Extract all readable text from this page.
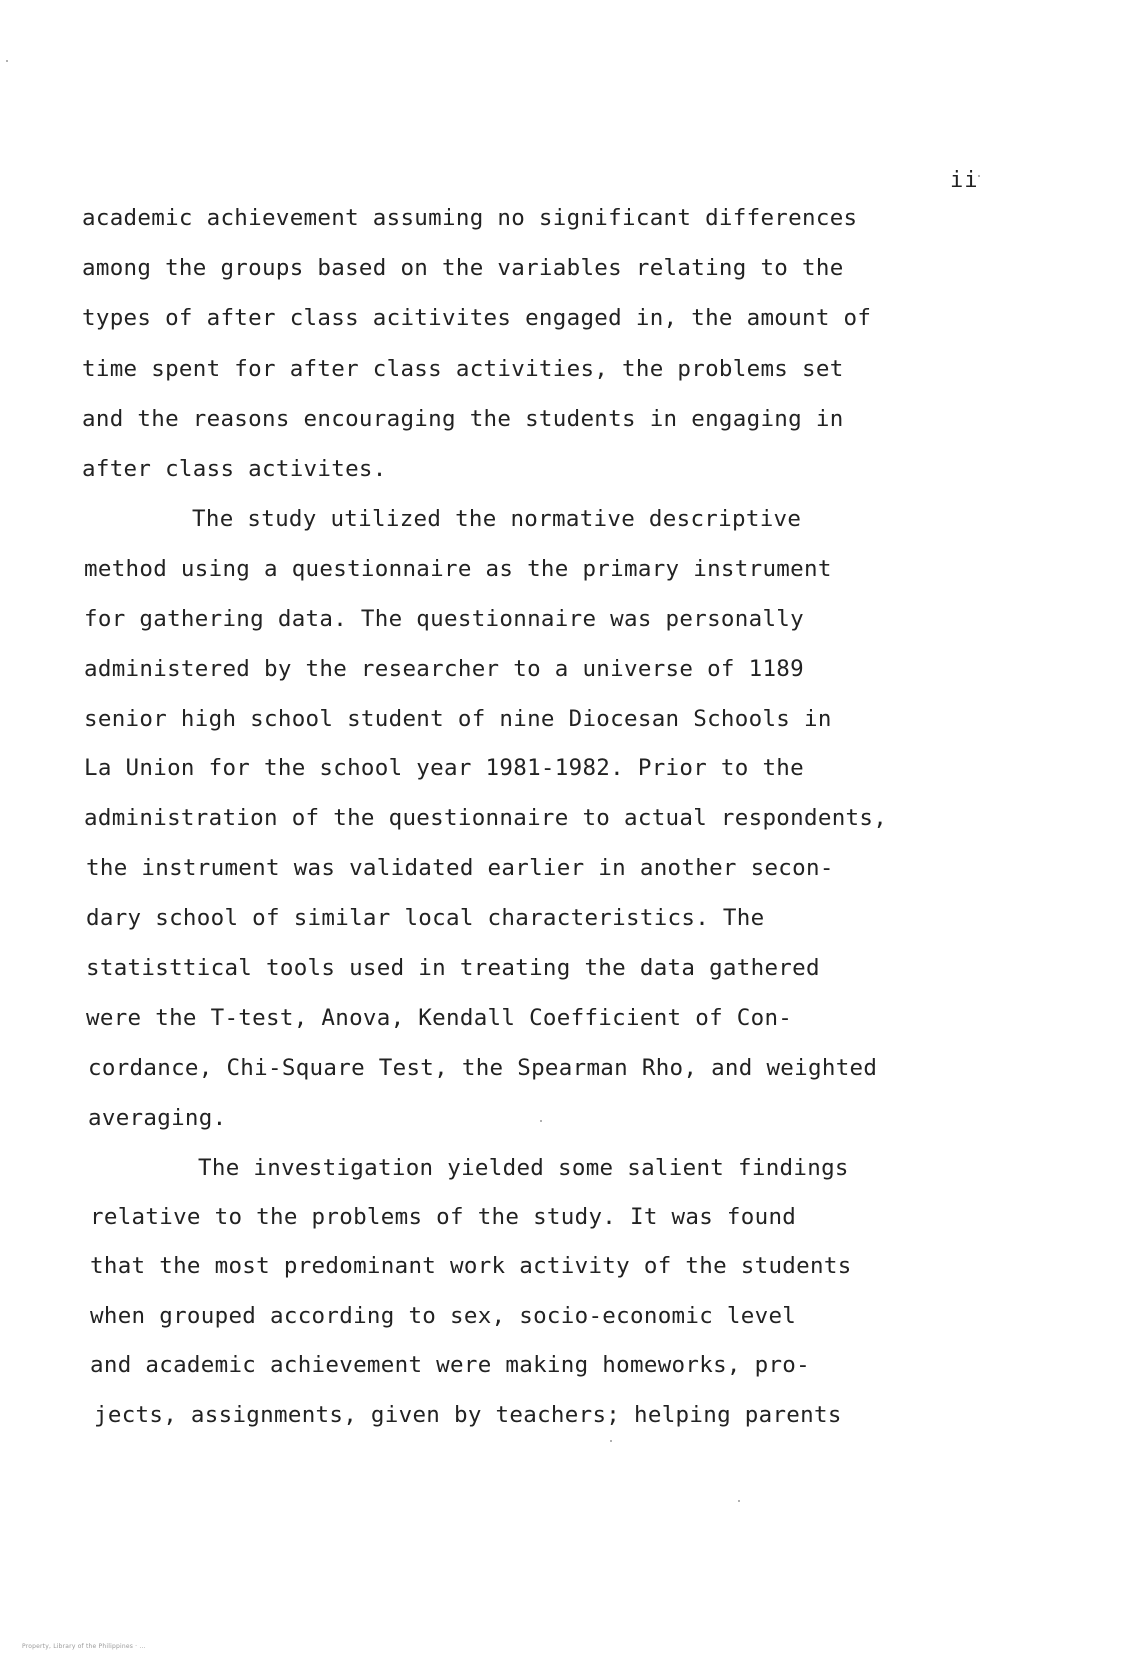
ii
academic achievement assuming no significant differences
among the groups based on the variables relating to the
types of after class acitivites engaged in, the amount of
time spent for after class activities, the problems set
and the reasons encouraging the students in engaging in
after class activites.
The study utilized the normative descriptive
method using a questionnaire as the primary instrument
for gathering data. The questionnaire was personally
administered by the researcher to a universe of 1189
senior high school student of nine Diocesan Schools in
La Union for the school year 1981-1982. Prior to the
administration of the questionnaire to actual respondents,
the instrument was validated earlier in another secon-
dary school of similar local characteristics. The
statisttical tools used in treating the data gathered
were the T-test, Anova, Kendall Coefficient of Con-
cordance, Chi-Square Test, the Spearman Rho, and weighted
averaging.
The investigation yielded some salient findings
relative to the problems of the study. It was found
that the most predominant work activity of the students
when grouped according to sex, socio-economic level
and academic achievement were making homeworks, pro-
jects, assignments, given by teachers; helping parents
Property, Library of the Philippines · ...
